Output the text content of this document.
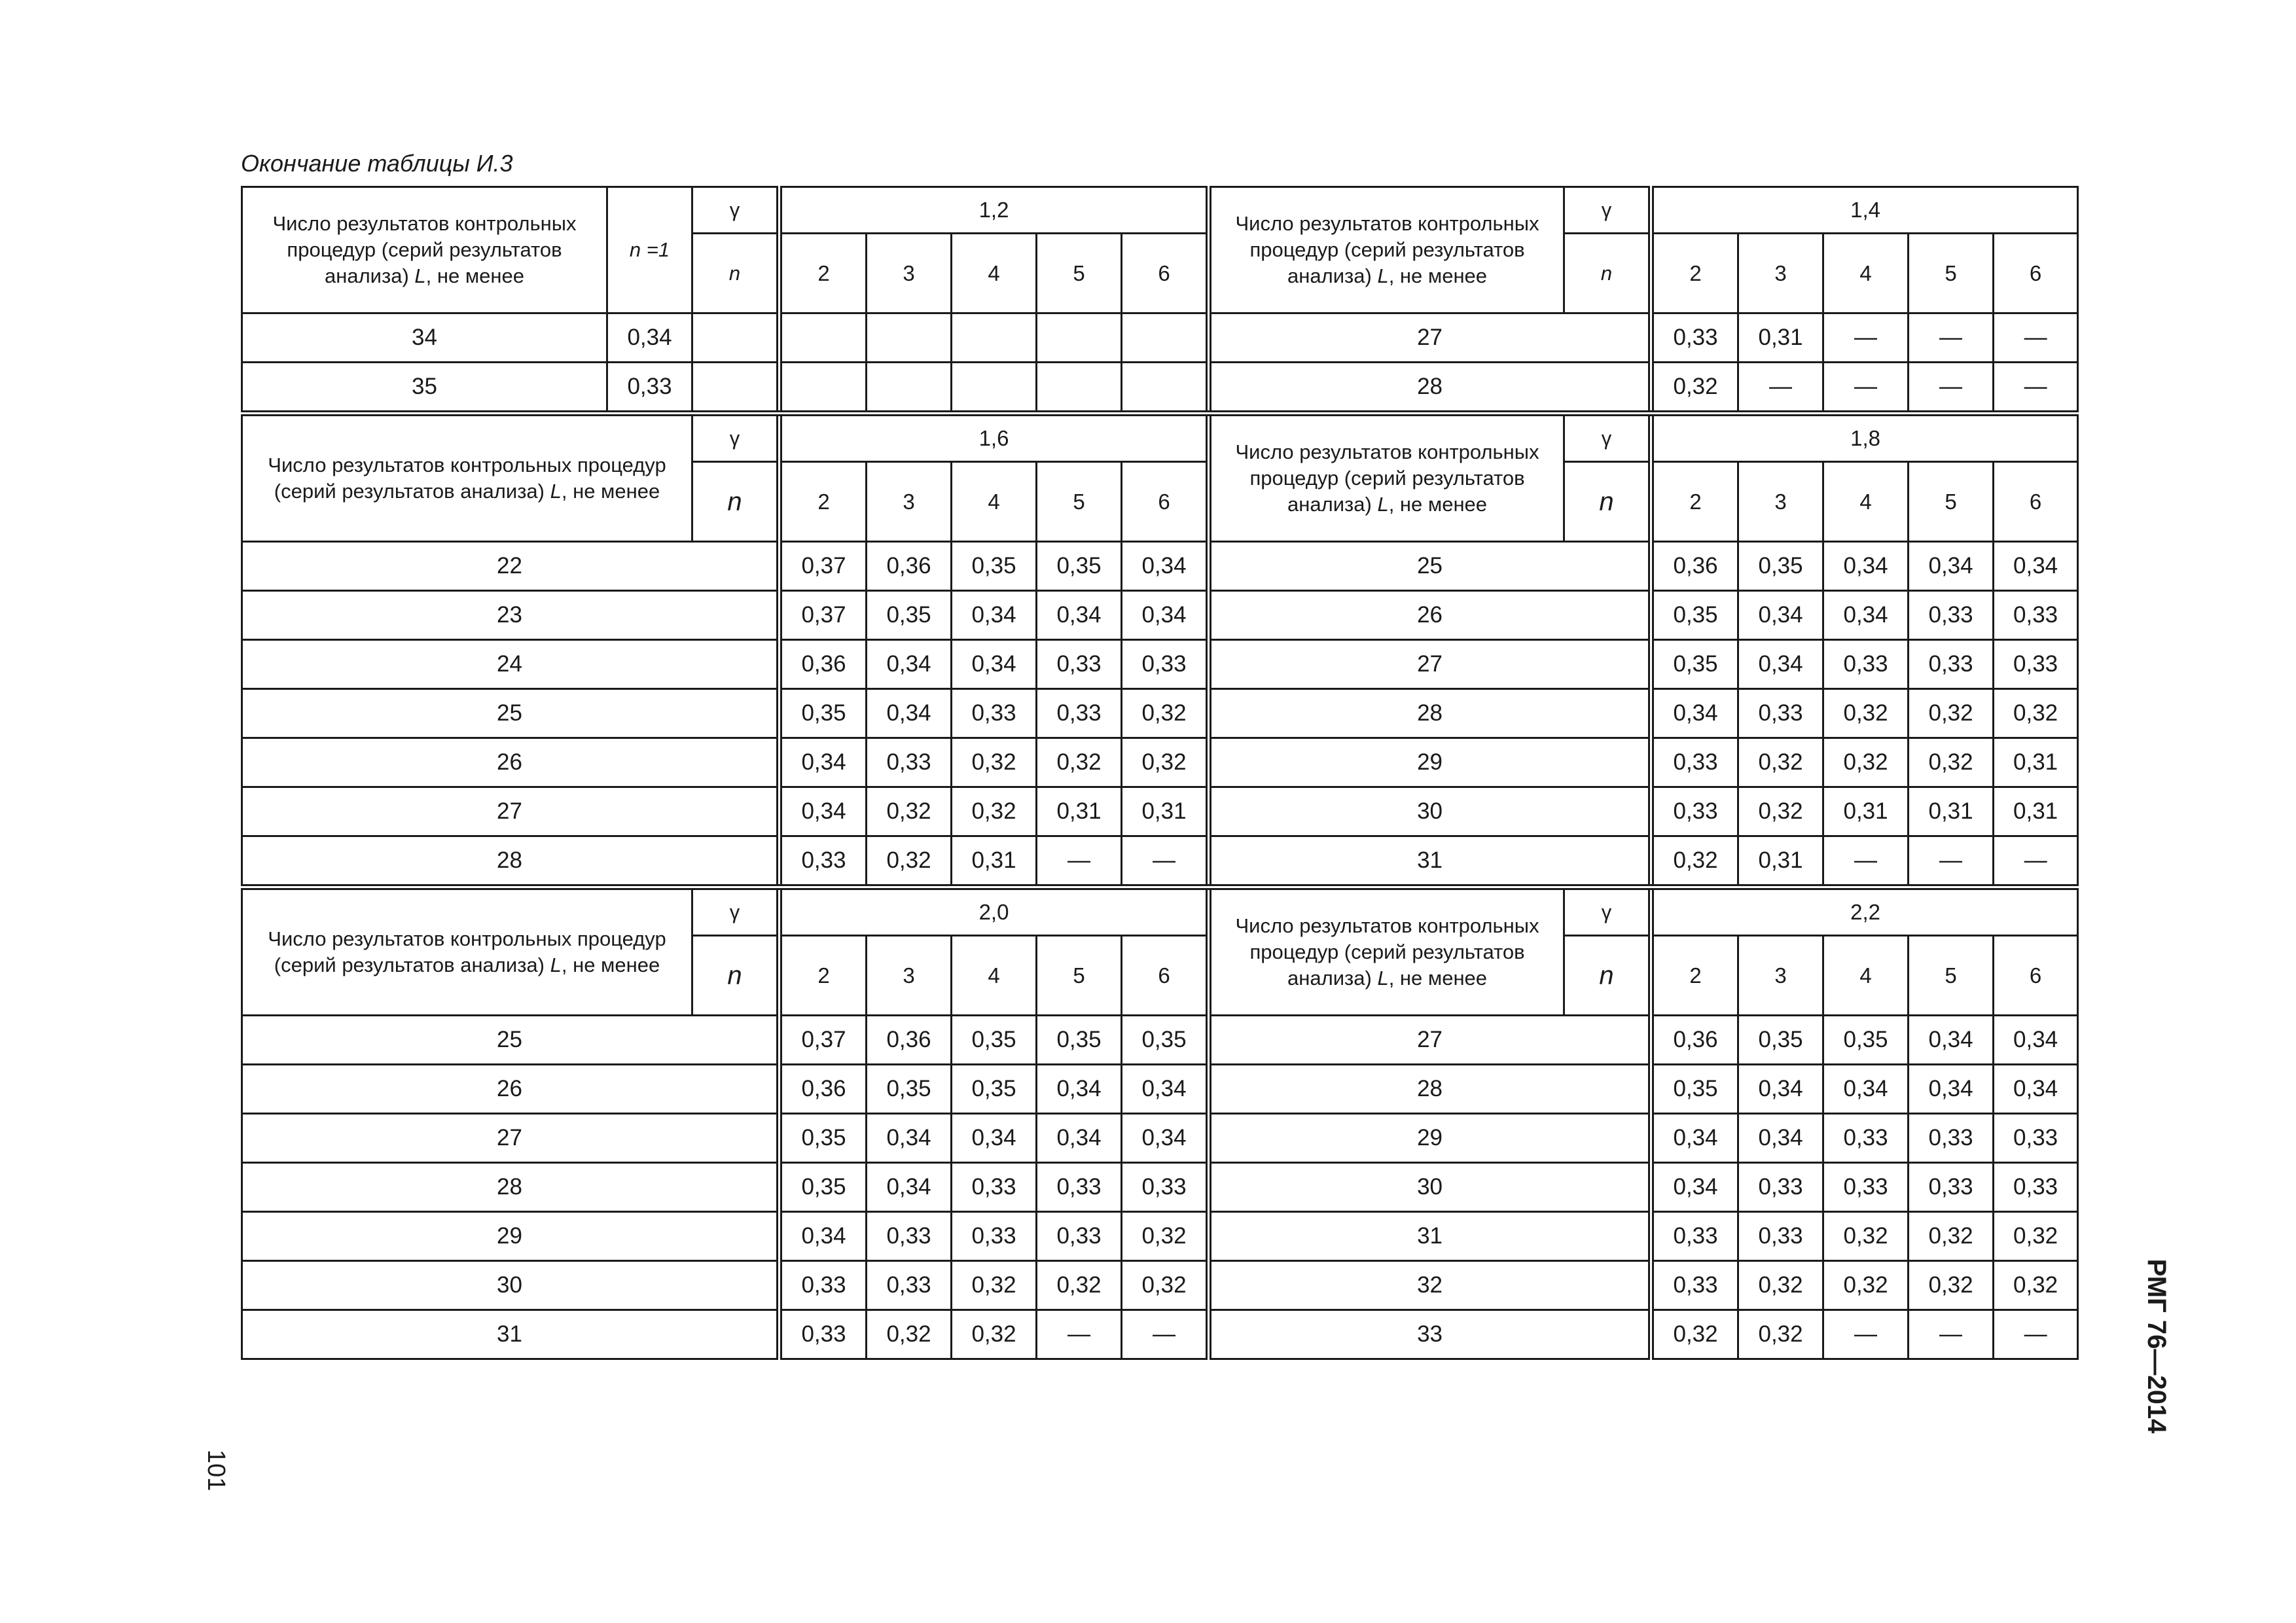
Окончание таблицы И.3
Число результатов контрольных процедур (серий результатов анализа) L, не менее	n =1	γ		1,2						Число результатов контрольных процедур (серий результатов анализа) L, не менее	γ		1,4				
		n		2	3	4	5	6			n		2	3	4	5	6
34	0,34									27			0,33	0,31	—	—	—
35	0,33									28			0,32	—	—	—	—

Число результатов контрольных процедур (серий результатов анализа) L, не менее		γ		1,6						Число результатов контрольных процедур (серий результатов анализа) L, не менее	γ		1,8				
		n		2	3	4	5	6			n		2	3	4	5	6
22				0,37	0,36	0,35	0,35	0,34		25			0,36	0,35	0,34	0,34	0,34
23				0,37	0,35	0,34	0,34	0,34		26			0,35	0,34	0,34	0,33	0,33
24				0,36	0,34	0,34	0,33	0,33		27			0,35	0,34	0,33	0,33	0,33
25				0,35	0,34	0,33	0,33	0,32		28			0,34	0,33	0,32	0,32	0,32
26				0,34	0,33	0,32	0,32	0,32		29			0,33	0,32	0,32	0,32	0,31
27				0,34	0,32	0,32	0,31	0,31		30			0,33	0,32	0,31	0,31	0,31
28				0,33	0,32	0,31	—	—		31			0,32	0,31	—	—	—

Число результатов контрольных процедур (серий результатов анализа) L, не менее		γ		2,0						Число результатов контрольных процедур (серий результатов анализа) L, не менее	γ		2,2				
		n		2	3	4	5	6			n		2	3	4	5	6
25				0,37	0,36	0,35	0,35	0,35		27			0,36	0,35	0,35	0,34	0,34
26				0,36	0,35	0,35	0,34	0,34		28			0,35	0,34	0,34	0,34	0,34
27				0,35	0,34	0,34	0,34	0,34		29			0,34	0,34	0,33	0,33	0,33
28				0,35	0,34	0,33	0,33	0,33		30			0,34	0,33	0,33	0,33	0,33
29				0,34	0,33	0,33	0,33	0,32		31			0,33	0,33	0,32	0,32	0,32
30				0,33	0,33	0,32	0,32	0,32		32			0,33	0,32	0,32	0,32	0,32
31				0,33	0,32	0,32	—	—		33			0,32	0,32	—	—	—
101
РМГ 76—2014
